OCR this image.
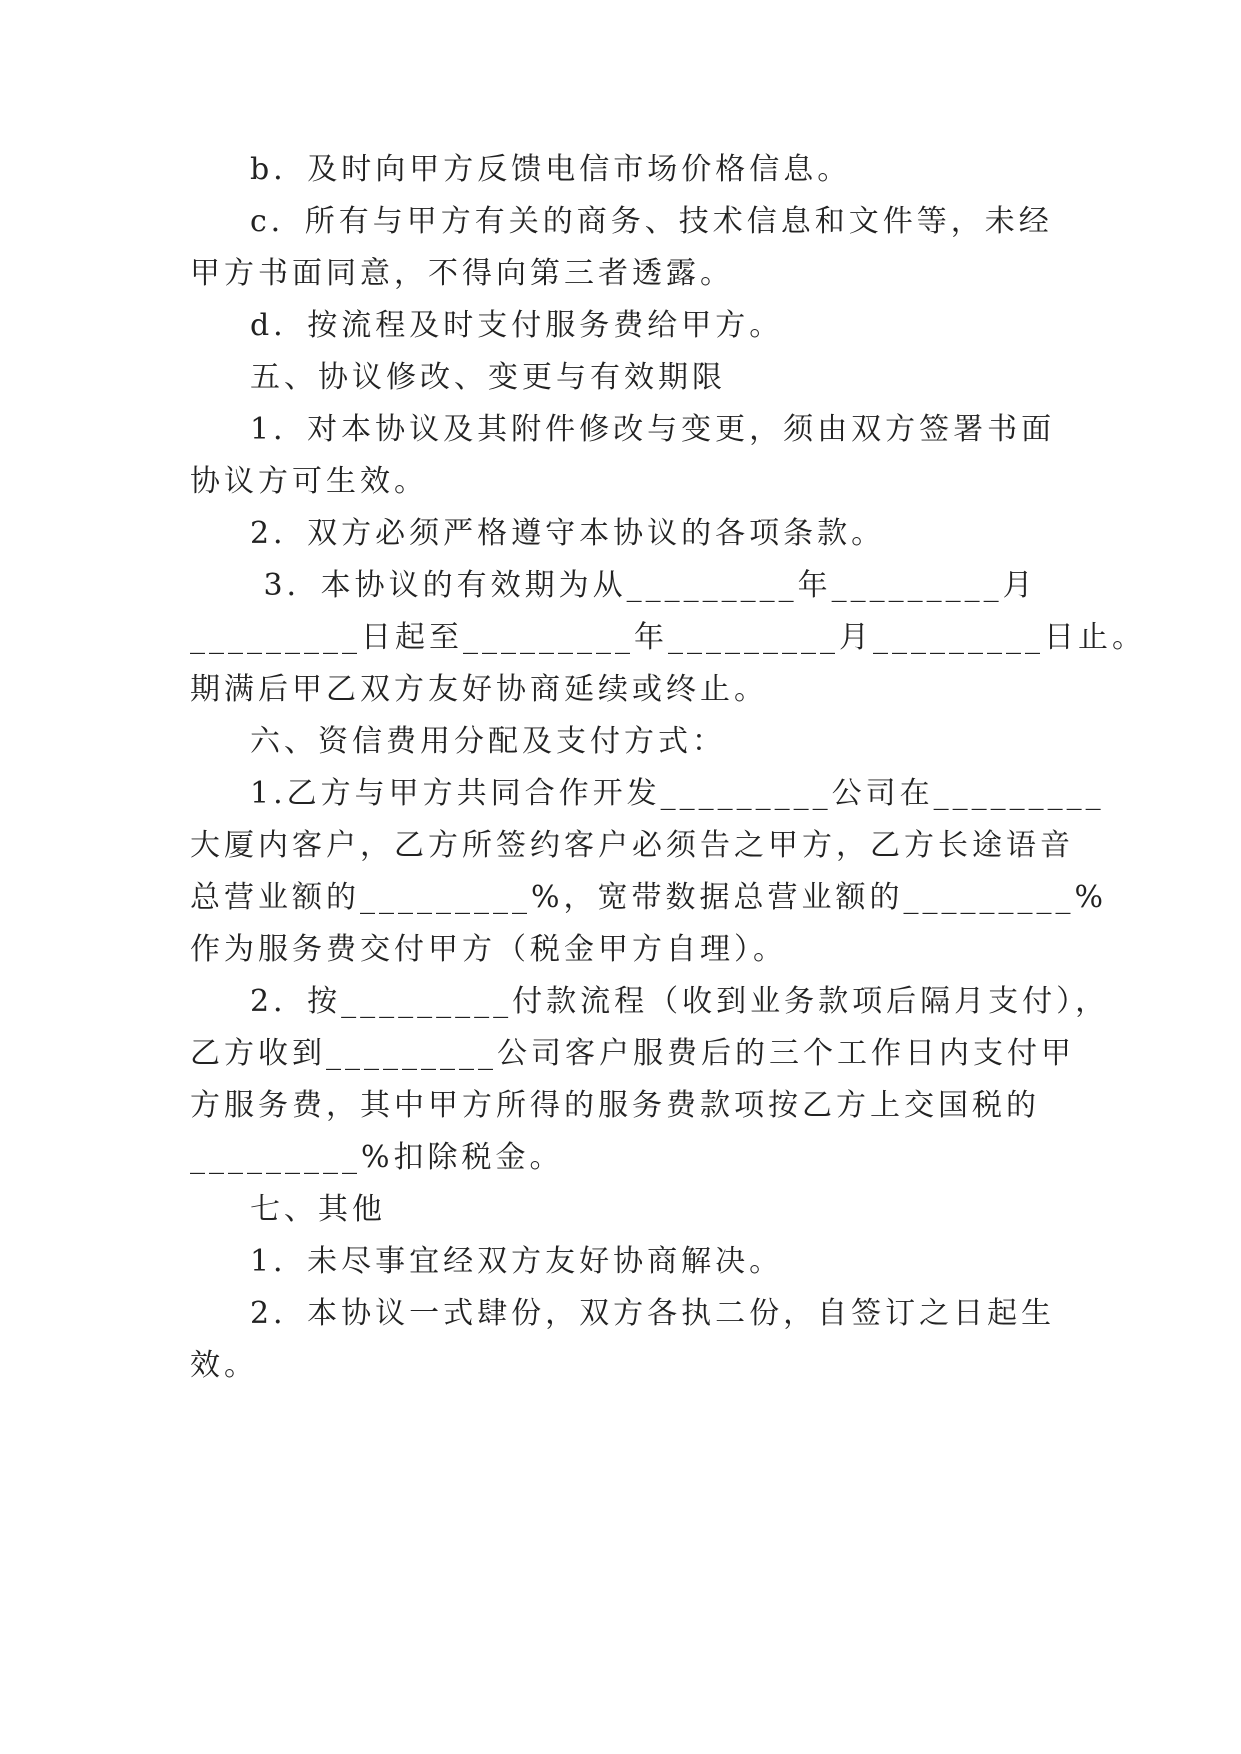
b．及时向甲方反馈电信市场价格信息。
c．所有与甲方有关的商务、技术信息和文件等，未经
甲方书面同意，不得向第三者透露。
d．按流程及时支付服务费给甲方。
五、协议修改、变更与有效期限
1．对本协议及其附件修改与变更，须由双方签署书面
协议方可生效。
2．双方必须严格遵守本协议的各项条款。
3．本协议的有效期为从_________年_________月
_________日起至_________年_________月_________日止。
期满后甲乙双方友好协商延续或终止。
六、资信费用分配及支付方式：
1.乙方与甲方共同合作开发_________公司在_________
大厦内客户，乙方所签约客户必须告之甲方，乙方长途语音
总营业额的_________%，宽带数据总营业额的_________%
作为服务费交付甲方（税金甲方自理）。
2．按_________付款流程（收到业务款项后隔月支付），
乙方收到_________公司客户服费后的三个工作日内支付甲
方服务费，其中甲方所得的服务费款项按乙方上交国税的
_________%扣除税金。
七、其他
1．未尽事宜经双方友好协商解决。
2．本协议一式肆份，双方各执二份，自签订之日起生
效。
